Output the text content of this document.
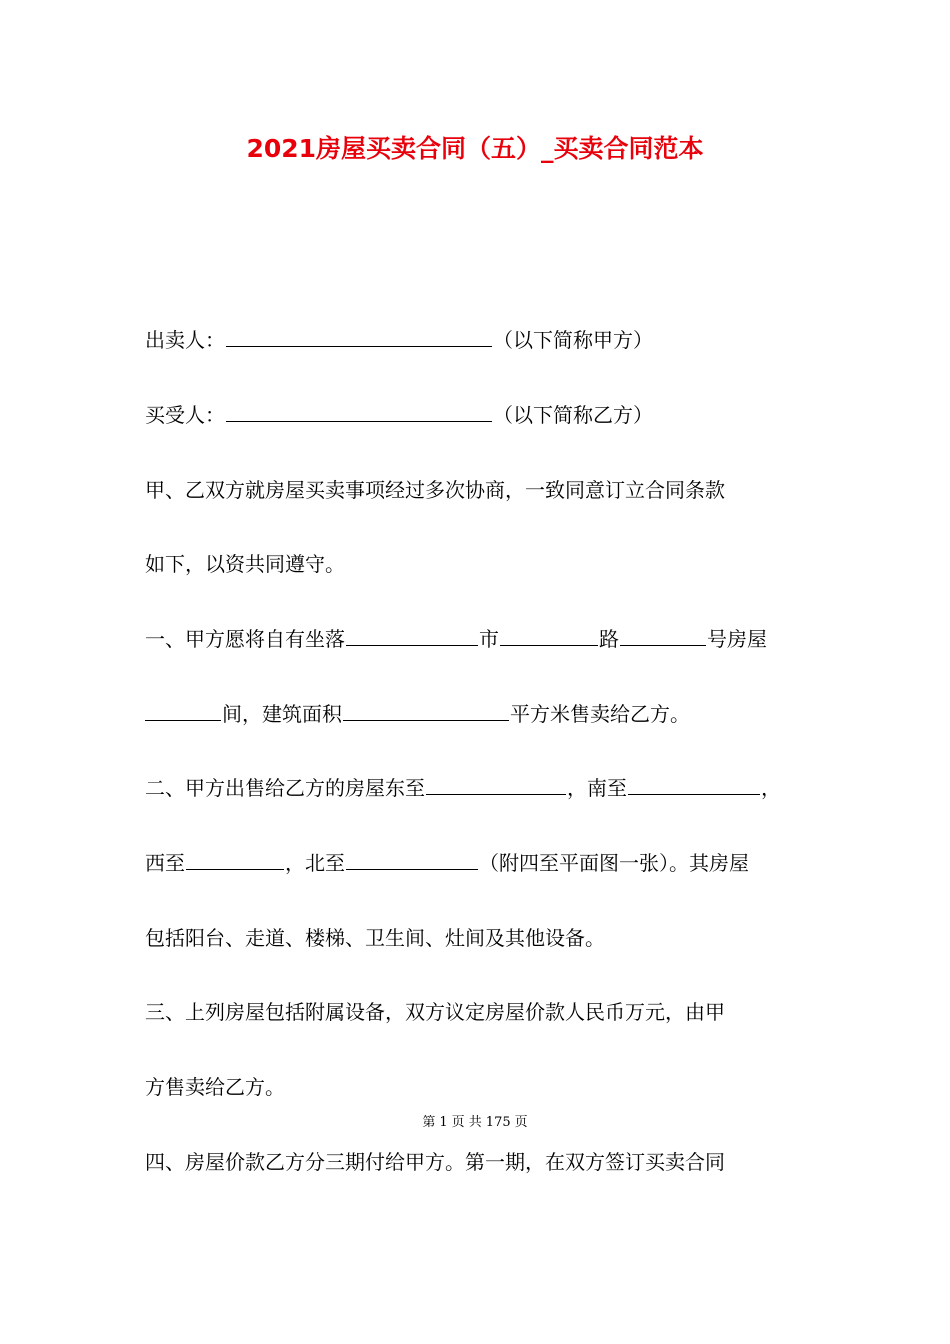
2021房屋买卖合同（五）_买卖合同范本
出卖人：	（以下简称甲方）
买受人：	（以下简称乙方）
甲、乙双方就房屋买卖事项经过多次协商，一致同意订立合同条款
如下，以资共同遵守。
一、甲方愿将自有坐落	市	路	号房屋
间，建筑面积	平方米售卖给乙方。
二、甲方出售给乙方的房屋东至	，南至	，
西至	，北至	（附四至平面图一张）。其房屋
包括阳台、走道、楼梯、卫生间、灶间及其他设备。
三、上列房屋包括附属设备，双方议定房屋价款人民币万元，由甲
方售卖给乙方。
第 1 页 共 175 页
四、房屋价款乙方分三期付给甲方。第一期，在双方签订买卖合同
